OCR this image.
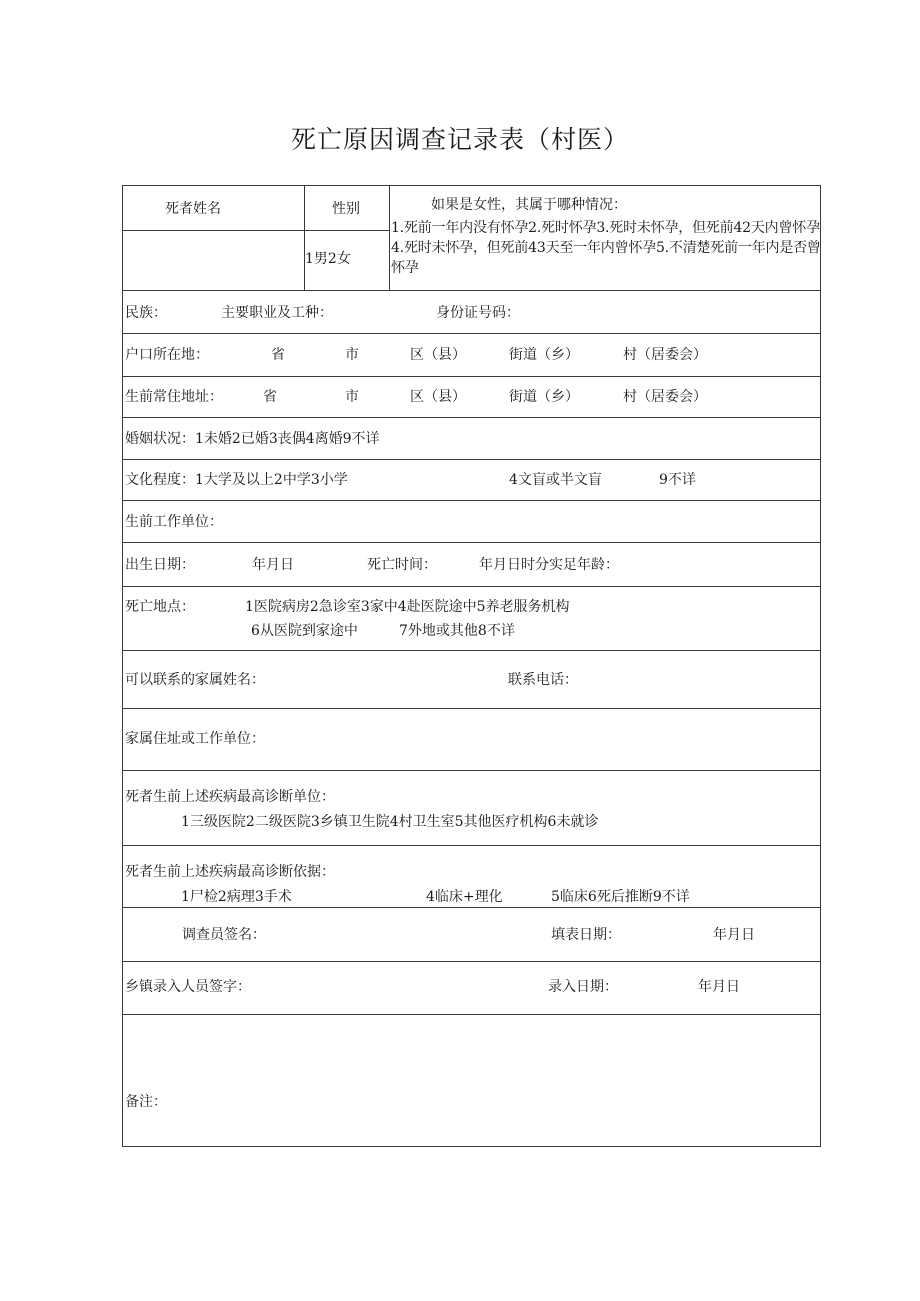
死亡原因调查记录表（村医）
死者姓名	性别
1男2女
如果是女性，其属于哪种情况：
1.死前一年内没有怀孕2.死时怀孕3.死时未怀孕，但死前42天内曾怀孕4.死时未怀孕，但死前43天至一年内曾怀孕5.不清楚死前一年内是否曾怀孕
民族：	主要职业及工种：	身份证号码：
户口所在地：	省	市	区（县）	街道（乡）	村（居委会）
生前常住地址：	省	市	区（县）	街道（乡）	村（居委会）
婚姻状况：1未婚2已婚3丧偶4离婚9不详
文化程度：1大学及以上2中学3小学	4文盲或半文盲	9不详
生前工作单位：
出生日期：	年月日	死亡时间：	年月日时分实足年龄：
死亡地点：	1医院病房2急诊室3家中4赴医院途中5养老服务机构
6从医院到家途中	7外地或其他8不详
可以联系的家属姓名：	联系电话：
家属住址或工作单位：
死者生前上述疾病最高诊断单位：
1三级医院2二级医院3乡镇卫生院4村卫生室5其他医疗机构6未就诊
死者生前上述疾病最高诊断依据：
1尸检2病理3手术	4临床+理化	5临床6死后推断9不详
调查员签名：	填表日期：	年月日
乡镇录入人员签字：	录入日期：	年月日
备注：
